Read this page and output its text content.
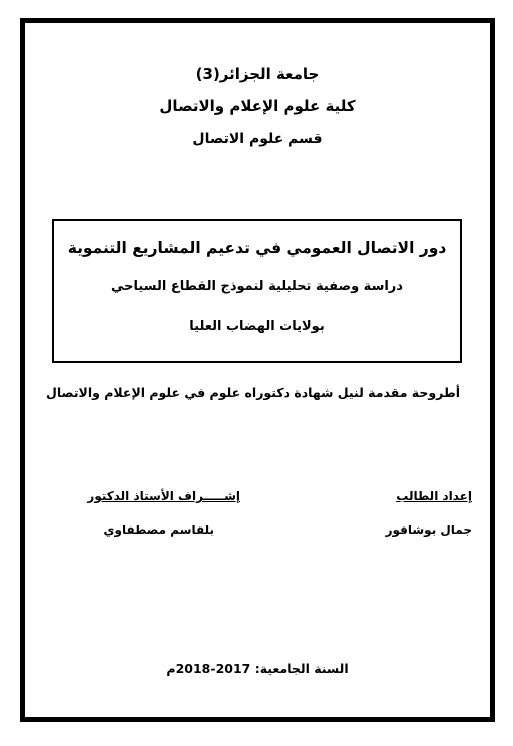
جامعة الجزائر(3)
كلية علوم الإعلام والاتصال
قسم علوم الاتصال
دور الاتصال العمومي في تدعيم المشاريع التنموية
دراسة وصفية تحليلية لنموذج القطاع السياحي
بولايات الهضاب العليا
أطروحة مقدمة لنيل شهادة دكتوراه علوم في علوم الإعلام والاتصال
إعداد الطالب
جمال بوشاقور
إشـــــراف الأستاذ الدكتور
بلقاسم مصطفاوي
السنة الجامعية: 2017-2018م
